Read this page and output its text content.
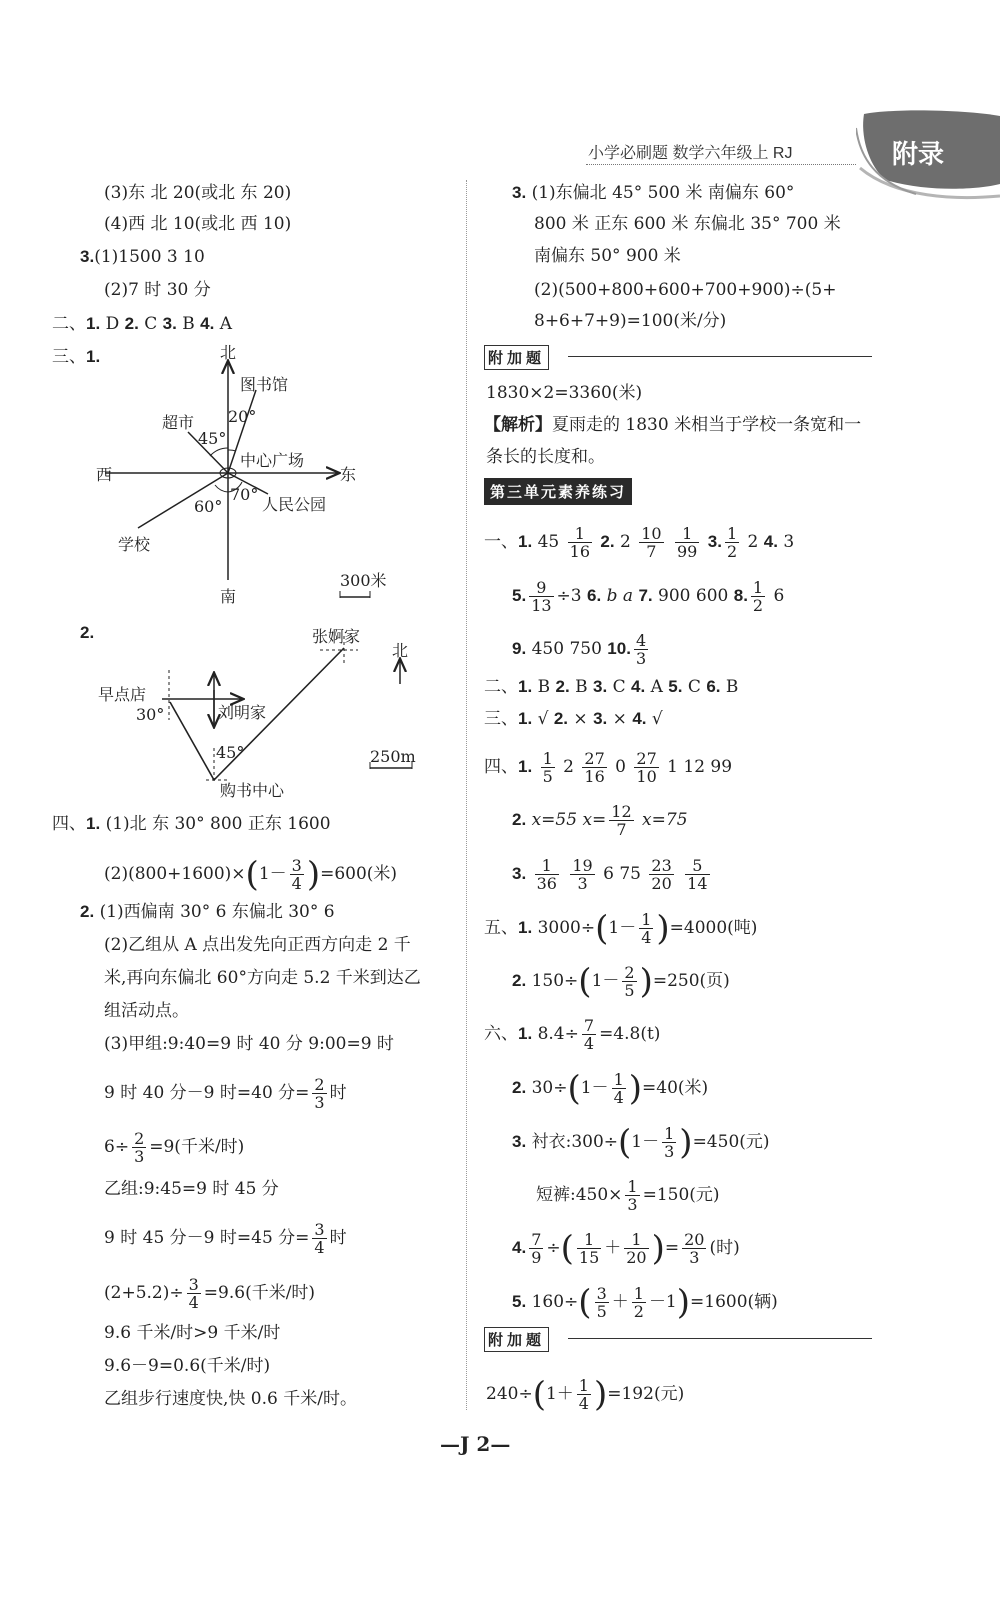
小学必刷题 数学六年级上 RJ	附录
(3)东 北 20(或北 东 20)
(4)西 北 10(或北 西 10)
3.(1)1500 3 10
(2)7 时 30 分
二、1. D 2. C 3. B 4. A
三、1.	北
南
东
西
图书馆
超市
中心广场
人民公园
学校
20°
45°
60°
70°
300米
2.	张婀家
北
早点店
刘明家
购书中心
30°
45°	250m
四、1. (1)北 东 30° 800 正东 1600
$(2)(800+1600)\times(1- \frac{3}{4} )=600$(米)
2. (1)西偏南 30° 6 东偏北 30° 6
(2)乙组从 A 点出发先向正西方向走 2 千
米,再向东偏北 60°方向走 5.2 千米到达乙
组活动点。
(3)甲组:9:40=9 时 40 分 9:00=9 时
9 时 40 分－9 时=40 分= $\frac{2}{3}$ 时
$6\div \frac{2}{3} =9$(千米/时)
乙组:9:45=9 时 45 分
9 时 45 分－9 时=45 分= $\frac{3}{4}$ 时
$(2+5.2)\div \frac{3}{4} =9.6$(千米/时)
9.6 千米/时>9 千米/时
9.6－9=0.6(千米/时)
乙组步行速度快,快 0.6 千米/时。
3. (1)东偏北 45° 500 米 南偏东 60°
800 米 正东 600 米 东偏北 35° 700 米
南偏东 50° 900 米
(2)(500+800+600+700+900)÷(5+
8+6+7+9)=100(米/分)
附加题
1830×2=3360(米)
【解析】夏雨走的 1830 米相当于学校一条宽和一
条长的长度和。
第三单元素养练习
一、1. $45 \frac{1}{16} 2$. $2 \frac{10}{7}$
$\frac{1}{99} 3$. $\frac{1}{2} 2$ 4. 3
5. $\frac{9}{13} \div 3$ 6. b a 7. 900 600 8. $\frac{1}{2} 6$
9. 450 750 10. $\frac{4}{3}$
二、1. B 2. B 3. C 4. A 5. C 6. B
三、1. √ 2. × 3. × 4. √
四、1. $\frac{1}{5} 2 \frac{27}{16} 0 \frac{27}{10} 1$ 12 99
2. x=55 $x= \frac{12}{7} x=75$
3. $\frac{1}{36}$
$\frac{19}{3} 6$ $75 \frac{23}{20}$
$\frac{5}{14}$
五、1. $3000\div(1- \frac{1}{4} )=4000$(吨)
2. $150\div(1- \frac{2}{5} )=250$(页)
六、1. $8.4\div \frac{7}{4} =4.8(t)$
2. $30\div(1- \frac{1}{4} )=40$(米)
3. 衬衣:300÷(1－ $\frac{1}{3} )=450$(元)
短裤:450× $\frac{1}{3} =150$(元)
4. $\frac{7}{9}$ ÷( $\frac{1}{15} + \frac{1}{20}$ )= $\frac{20}{3}$ (时)
5. $160\div( \frac{3}{5} + \frac{1}{2} -1)=1600$(辆)
附加题
$240\div(1+ \frac{1}{4} )=192$(元)
—J 2—
